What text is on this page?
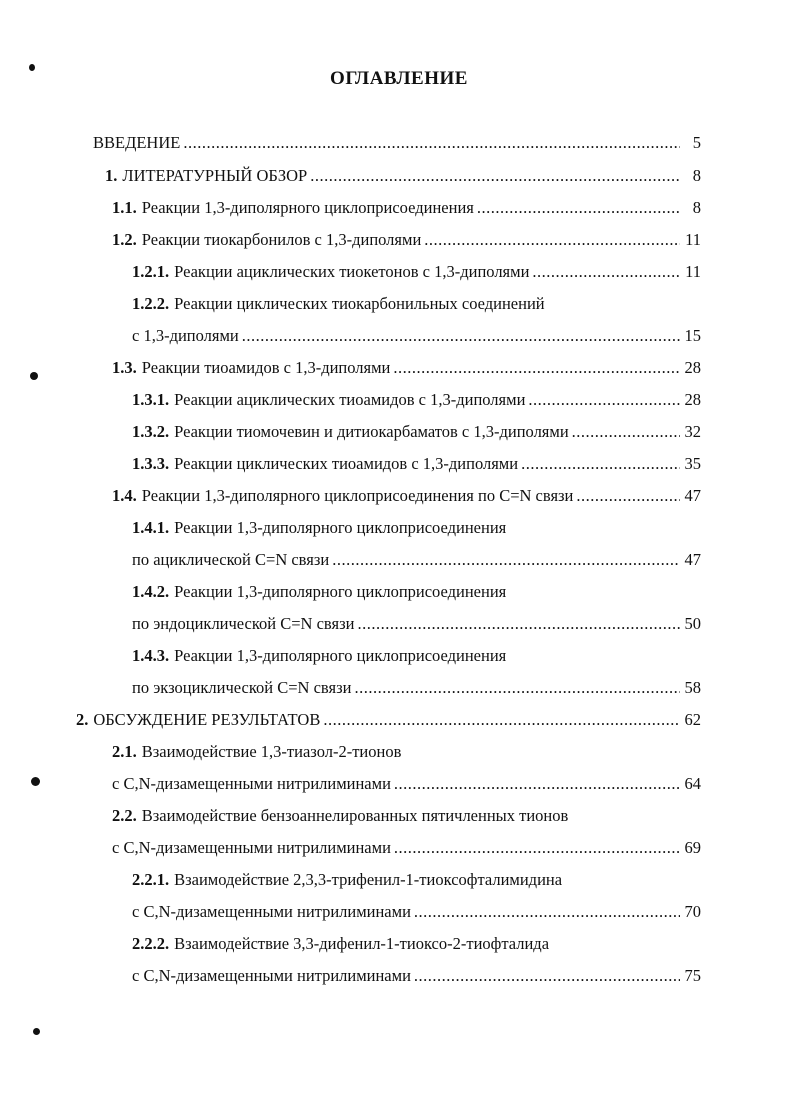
ОГЛАВЛЕНИЕ
ВВЕДЕНИЕ .....	5
1. ЛИТЕРАТУРНЫЙ ОБЗОР .....	8
1.1. Реакции 1,3-диполярного циклоприсоединения .....	8
1.2. Реакции тиокарбонилов с 1,3-диполями .....	11
1.2.1. Реакции ациклических тиокетонов с 1,3-диполями .....	11
1.2.2. Реакции циклических тиокарбонильных соединений
с 1,3-диполями .....	15
1.3. Реакции тиоамидов с 1,3-диполями .....	28
1.3.1. Реакции ациклических тиоамидов с 1,3-диполями .....	28
1.3.2. Реакции тиомочевин и дитиокарбаматов с 1,3-диполями .....	32
1.3.3. Реакции циклических тиоамидов с 1,3-диполями .....	35
1.4. Реакции 1,3-диполярного циклоприсоединения по C=N связи .....	47
1.4.1. Реакции 1,3-диполярного циклоприсоединения
по ациклической C=N связи .....	47
1.4.2. Реакции 1,3-диполярного циклоприсоединения
по эндоциклической C=N связи .....	50
1.4.3. Реакции 1,3-диполярного циклоприсоединения
по экзоциклической C=N связи .....	58
2. ОБСУЖДЕНИЕ РЕЗУЛЬТАТОВ .....	62
2.1. Взаимодействие 1,3-тиазол-2-тионов
с C,N-дизамещенными нитрилиминами .....	64
2.2. Взаимодействие бензоаннелированных пятичленных тионов
с C,N-дизамещенными нитрилиминами .....	69
2.2.1. Взаимодействие 2,3,3-трифенил-1-тиоксофталимидина
с C,N-дизамещенными нитрилиминами .....	70
2.2.2. Взаимодействие 3,3-дифенил-1-тиоксо-2-тиофталида
с C,N-дизамещенными нитрилиминами .....	75
